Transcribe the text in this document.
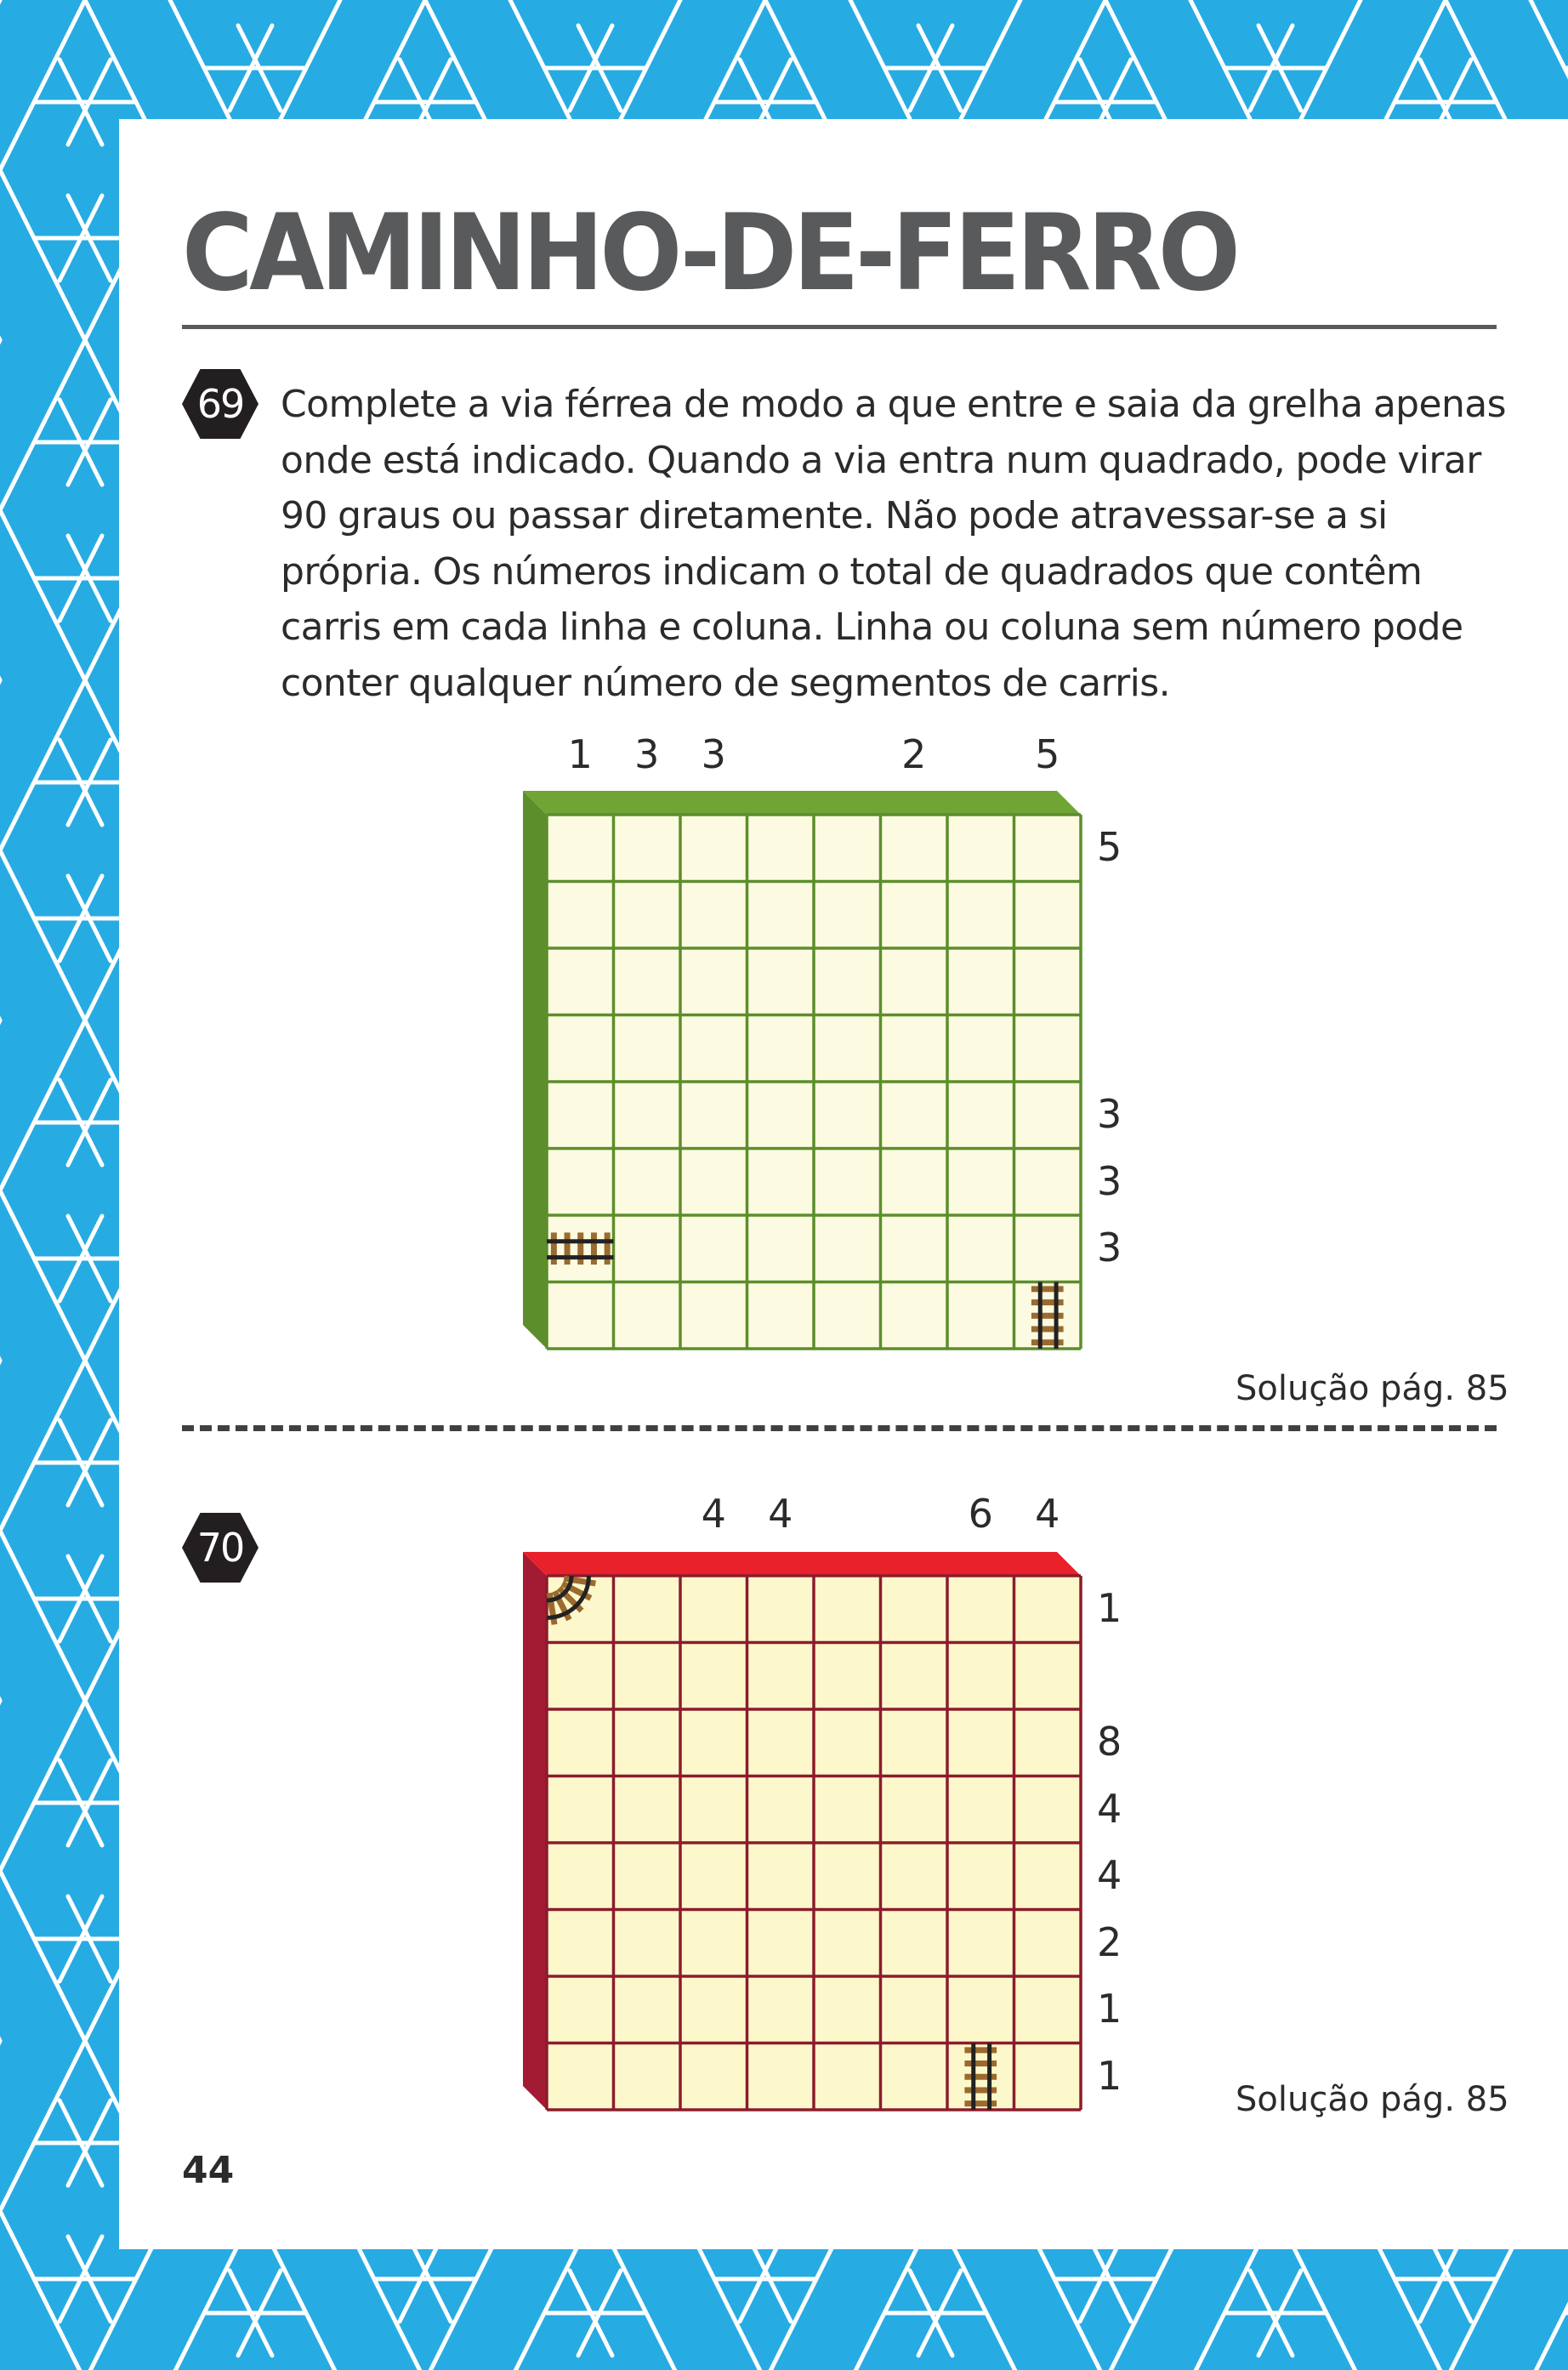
CAMINHO-DE-FERRO
69 Complete a via férrea de modo a que entre e saia da grelha apenas onde está indicado. Quando a via entra num quadrado, pode virar 90 graus ou passar diretamente. Não pode atravessar-se a si própria. Os números indicam o total de quadrados que contêm carris em cada linha e coluna. Linha ou coluna sem número pode conter qualquer número de segmentos de carris.

1 3 3	2	5
5
3
3
3
Solução pág. 85
70
4 4	6 4
1
8
4
4
2
1
1
Solução pág. 85
44
